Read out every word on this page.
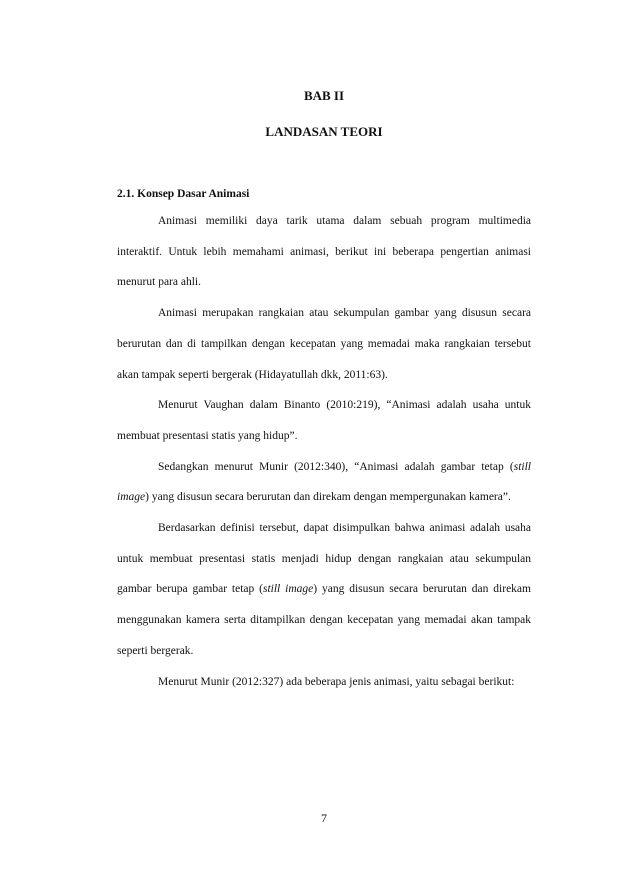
BAB II
LANDASAN TEORI
2.1. Konsep Dasar Animasi

Animasi memiliki daya tarik utama dalam sebuah program multimedia interaktif. Untuk lebih memahami animasi, berikut ini beberapa pengertian animasi menurut para ahli.

Animasi merupakan rangkaian atau sekumpulan gambar yang disusun secara berurutan dan di tampilkan dengan kecepatan yang memadai maka rangkaian tersebut akan tampak seperti bergerak (Hidayatullah dkk, 2011:63).

Menurut Vaughan dalam Binanto (2010:219), “Animasi adalah usaha untuk membuat presentasi statis yang hidup”.

Sedangkan menurut Munir (2012:340), “Animasi adalah gambar tetap (still image) yang disusun secara berurutan dan direkam dengan mempergunakan kamera”.

Berdasarkan definisi tersebut, dapat disimpulkan bahwa animasi adalah usaha untuk membuat presentasi statis menjadi hidup dengan rangkaian atau sekumpulan gambar berupa gambar tetap (still image) yang disusun secara berurutan dan direkam menggunakan kamera serta ditampilkan dengan kecepatan yang memadai akan tampak seperti bergerak.

Menurut Munir (2012:327) ada beberapa jenis animasi, yaitu sebagai berikut:

7
